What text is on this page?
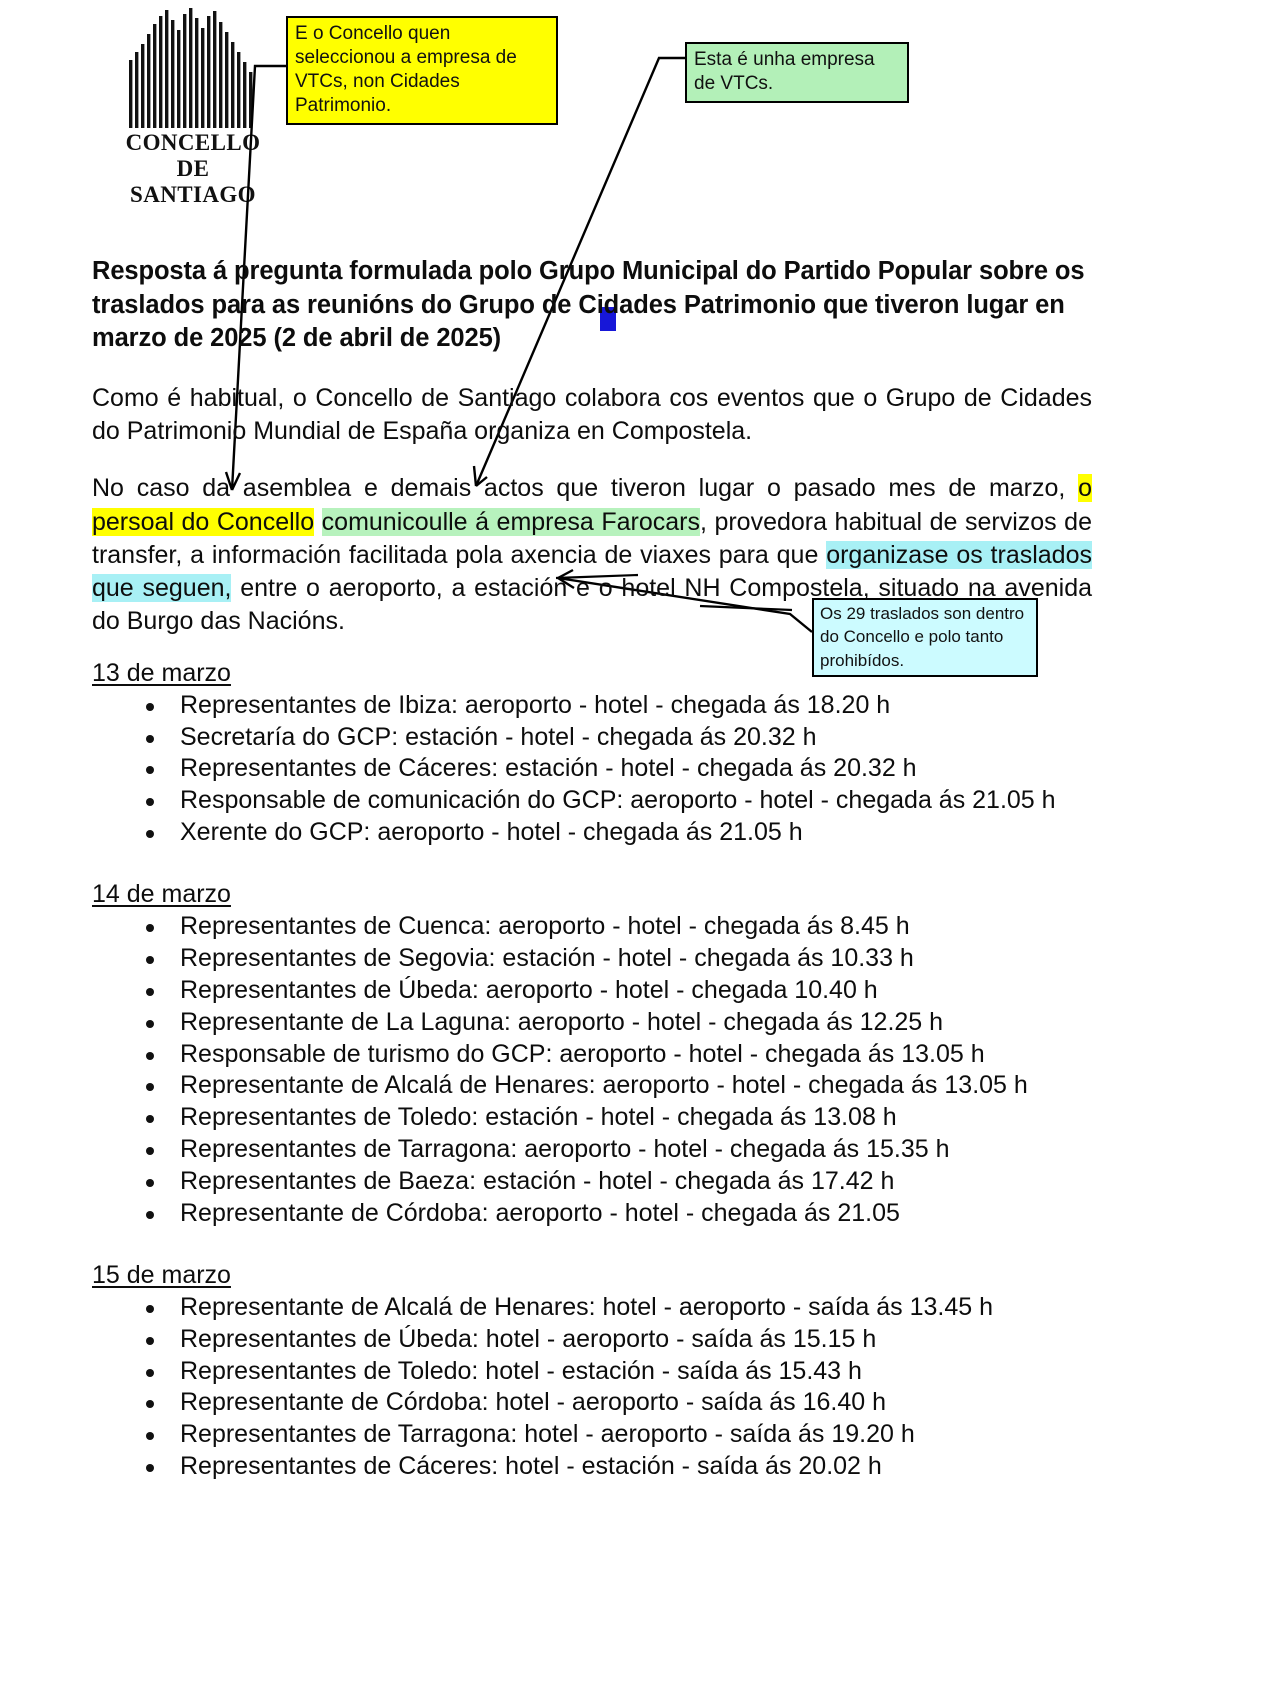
CONCELLO DE
SANTIAGO
E o Concello quen seleccionou a empresa de VTCs, non Cidades Patrimonio.
Esta é unha empresa de VTCs.
Os 29 traslados son dentro do Concello e polo tanto prohibídos.
Resposta á pregunta formulada polo Grupo Municipal do Partido Popular sobre os traslados para as reunións do Grupo de Cidades Patrimonio que tiveron lugar en marzo de 2025 (2 de abril de 2025)

Como é habitual, o Concello de Santiago colabora cos eventos que o Grupo de Cidades do Patrimonio Mundial de España organiza en Compostela.

No caso da asemblea e demais actos que tiveron lugar o pasado mes de marzo, o persoal do Concello comunicoulle á empresa Farocars, provedora habitual de servizos de transfer, a información facilitada pola axencia de viaxes para que organizase os traslados que seguen, entre o aeroporto, a estación e o hotel NH Compostela, situado na avenida do Burgo das Nacións.

13 de marzo
Representantes de Ibiza: aeroporto - hotel - chegada ás 18.20 h
Secretaría do GCP: estación - hotel - chegada ás 20.32 h
Representantes de Cáceres: estación - hotel - chegada ás 20.32 h
Responsable de comunicación do GCP: aeroporto - hotel - chegada ás 21.05 h
Xerente do GCP: aeroporto - hotel - chegada ás 21.05 h
14 de marzo
Representantes de Cuenca: aeroporto - hotel - chegada ás 8.45 h
Representantes de Segovia: estación - hotel - chegada ás 10.33 h
Representantes de Úbeda: aeroporto - hotel - chegada 10.40 h
Representante de La Laguna: aeroporto - hotel - chegada ás 12.25 h
Responsable de turismo do GCP: aeroporto - hotel - chegada ás 13.05 h
Representante de Alcalá de Henares: aeroporto - hotel - chegada ás 13.05 h
Representantes de Toledo: estación - hotel - chegada ás 13.08 h
Representantes de Tarragona: aeroporto - hotel - chegada ás 15.35 h
Representantes de Baeza: estación - hotel - chegada ás 17.42 h
Representante de Córdoba: aeroporto - hotel - chegada ás 21.05
15 de marzo
Representante de Alcalá de Henares: hotel - aeroporto - saída ás 13.45 h
Representantes de Úbeda: hotel - aeroporto - saída ás 15.15 h
Representantes de Toledo: hotel - estación - saída ás 15.43 h
Representante de Córdoba: hotel - aeroporto - saída ás 16.40 h
Representantes de Tarragona: hotel - aeroporto - saída ás 19.20 h
Representantes de Cáceres: hotel - estación - saída ás 20.02 h
